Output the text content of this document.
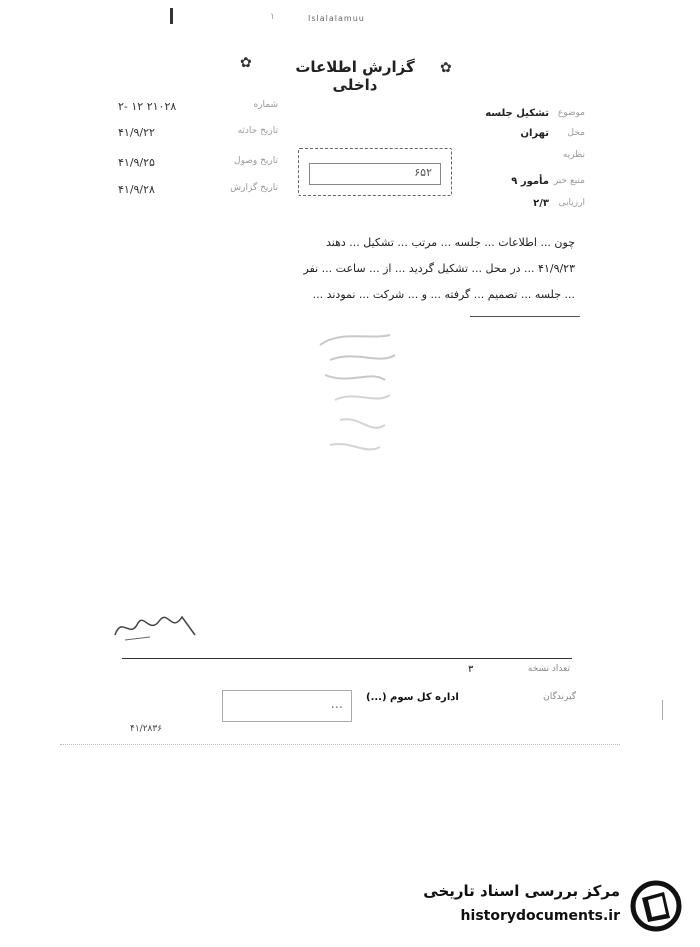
۱	Islalalamuu
✿	گزارش اطلاعات داخلی
✿
شماره
۲۱۰۲۸ ۱۲ -۲
تاریخ حادثه
۴۱/۹/۲۲
تاریخ وصول
۴۱/۹/۲۵
تاریخ گزارش
۴۱/۹/۲۸
موضوع
تشکیل جلسه
محل
تهران
نظریه
منبع خبر
مأمور ۹
ارزیابی
۲/۳
۶۵۲
چون ... اطلاعات ... جلسه ... مرتب ... تشکیل ... دهند
۴۱/۹/۲۳ ... در محل ... تشکیل گردید ... از ... ساعت ... نفر
... جلسه ... تصمیم ... گرفته ... و ... شرکت ... نمودند ...
تعداد نسخه
۳
گیرندگان
اداره کل سوم (...)
...
۴۱/۲۸۳۶
مرکز بررسی اسناد تاریخی
historydocuments.ir
